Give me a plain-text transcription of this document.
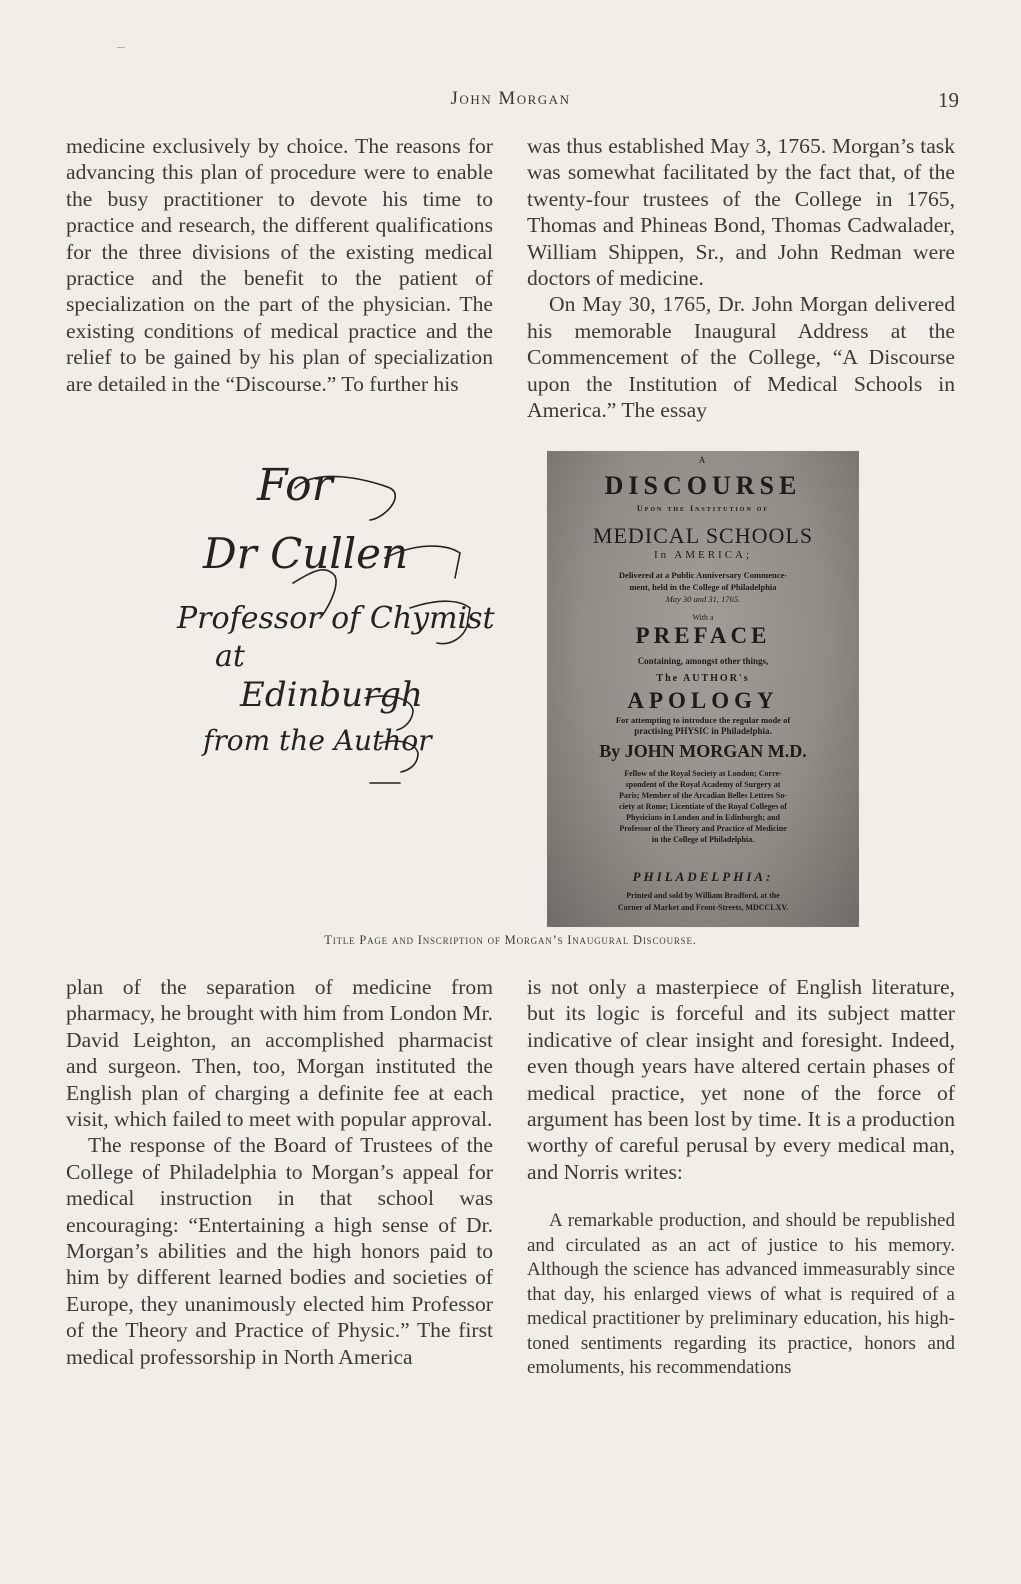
John Morgan	19

medicine exclusively by choice. The reasons for advancing this plan of procedure were to enable the busy practitioner to devote his time to practice and research, the different qualifications for the three divisions of the existing medical practice and the benefit to the patient of specialization on the part of the physician. The existing conditions of medical practice and the relief to be gained by his plan of specialization are detailed in the “Discourse.” To further his

was thus established May 3, 1765. Morgan’s task was somewhat facilitated by the fact that, of the twenty-four trustees of the College in 1765, Thomas and Phineas Bond, Thomas Cadwalader, William Shippen, Sr., and John Redman were doctors of medicine.

On May 30, 1765, Dr. John Morgan delivered his memorable Inaugural Address at the Commencement of the College, “A Discourse upon the Institution of Medical Schools in America.” The essay

For
Dr Cullen
Professor of Chymistry
at
Edinburgh
from the Author
A
DISCOURSE
Upon the Institution of
MEDICAL SCHOOLS
In AMERICA;
Delivered at a Public Anniversary Commence-
ment, held in the College of Philadelphia
May 30 and 31, 1765.
With a
PREFACE
Containing, amongst other things,
The AUTHOR's
APOLOGY
For attempting to introduce the regular mode of
practising PHYSIC in Philadelphia.
By JOHN MORGAN M.D.
Fellow of the Royal Society at London; Corre-
spondent of the Royal Academy of Surgery at
Paris; Member of the Arcadian Belles Lettres So-
ciety at Rome; Licentiate of the Royal Colleges of
Physicians in London and in Edinburgh; and
Professor of the Theory and Practice of Medicine
in the College of Philadelphia.
PHILADELPHIA:
Printed and sold by William Bradford, at the
Corner of Market and Front-Streets, MDCCLXV.
Title Page and Inscription of Morgan’s Inaugural Discourse.

plan of the separation of medicine from pharmacy, he brought with him from London Mr. David Leighton, an accomplished pharmacist and surgeon. Then, too, Morgan instituted the English plan of charging a definite fee at each visit, which failed to meet with popular approval.

The response of the Board of Trustees of the College of Philadelphia to Morgan’s appeal for medical instruction in that school was encouraging: “Entertaining a high sense of Dr. Morgan’s abilities and the high honors paid to him by different learned bodies and societies of Europe, they unanimously elected him Professor of the Theory and Practice of Physic.” The first medical professorship in North America

is not only a masterpiece of English literature, but its logic is forceful and its subject matter indicative of clear insight and foresight. Indeed, even though years have altered certain phases of medical practice, yet none of the force of argument has been lost by time. It is a production worthy of careful perusal by every medical man, and Norris writes:

A remarkable production, and should be republished and circulated as an act of justice to his memory. Although the science has advanced immeasurably since that day, his enlarged views of what is required of a medical practitioner by preliminary education, his high-toned sentiments regarding its practice, honors and emoluments, his recommendations
